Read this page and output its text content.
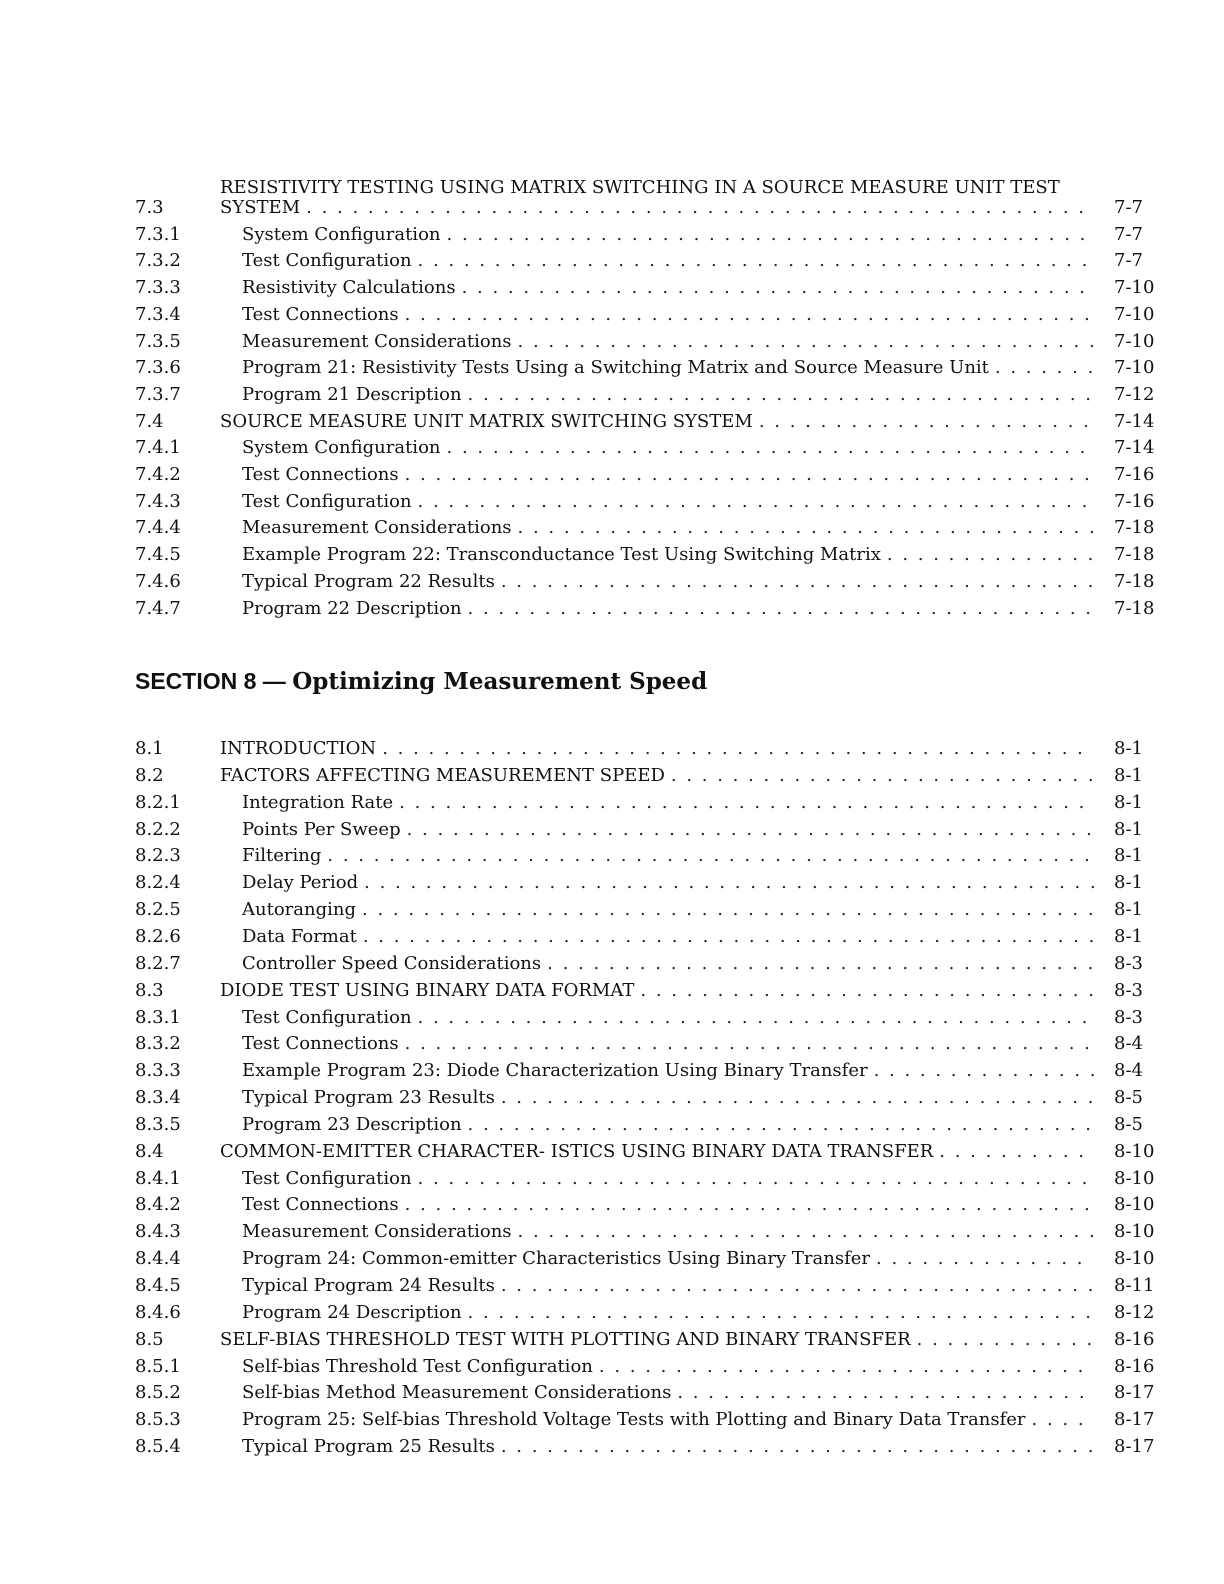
RESISTIVITY TESTING USING MATRIX SWITCHING IN A SOURCE MEASURE UNIT TEST
7.3	SYSTEM . . .	7-7
7.3.1	System Configuration . . .	7-7
7.3.2	Test Configuration . . .	7-7
7.3.3	Resistivity Calculations . . .	7-10
7.3.4	Test Connections . . .	7-10
7.3.5	Measurement Considerations . . .	7-10
7.3.6	Program 21: Resistivity Tests Using a Switching Matrix and Source Measure Unit . . .	7-10
7.3.7	Program 21 Description . . .	7-12
7.4	SOURCE MEASURE UNIT MATRIX SWITCHING SYSTEM . . .	7-14
7.4.1	System Configuration . . .	7-14
7.4.2	Test Connections . . .	7-16
7.4.3	Test Configuration . . .	7-16
7.4.4	Measurement Considerations . . .	7-18
7.4.5	Example Program 22: Transconductance Test Using Switching Matrix . . .	7-18
7.4.6	Typical Program 22 Results . . .	7-18
7.4.7	Program 22 Description . . .	7-18
SECTION 8 — Optimizing Measurement Speed
8.1	INTRODUCTION . . .	8-1
8.2	FACTORS AFFECTING MEASUREMENT SPEED . . .	8-1
8.2.1	Integration Rate . . .	8-1
8.2.2	Points Per Sweep . . .	8-1
8.2.3	Filtering . . .	8-1
8.2.4	Delay Period . . .	8-1
8.2.5	Autoranging . . .	8-1
8.2.6	Data Format . . .	8-1
8.2.7	Controller Speed Considerations . . .	8-3
8.3	DIODE TEST USING BINARY DATA FORMAT . . .	8-3
8.3.1	Test Configuration . . .	8-3
8.3.2	Test Connections . . .	8-4
8.3.3	Example Program 23: Diode Characterization Using Binary Transfer . . .	8-4
8.3.4	Typical Program 23 Results . . .	8-5
8.3.5	Program 23 Description . . .	8-5
8.4	COMMON-EMITTER CHARACTER- ISTICS USING BINARY DATA TRANSFER . . .	8-10
8.4.1	Test Configuration . . .	8-10
8.4.2	Test Connections . . .	8-10
8.4.3	Measurement Considerations . . .	8-10
8.4.4	Program 24: Common-emitter Characteristics Using Binary Transfer . . .	8-10
8.4.5	Typical Program 24 Results . . .	8-11
8.4.6	Program 24 Description . . .	8-12
8.5	SELF-BIAS THRESHOLD TEST WITH PLOTTING AND BINARY TRANSFER . . .	8-16
8.5.1	Self-bias Threshold Test Configuration . . .	8-16
8.5.2	Self-bias Method Measurement Considerations . . .	8-17
8.5.3	Program 25: Self-bias Threshold Voltage Tests with Plotting and Binary Data Transfer . . .	8-17
8.5.4	Typical Program 25 Results . . .	8-17
